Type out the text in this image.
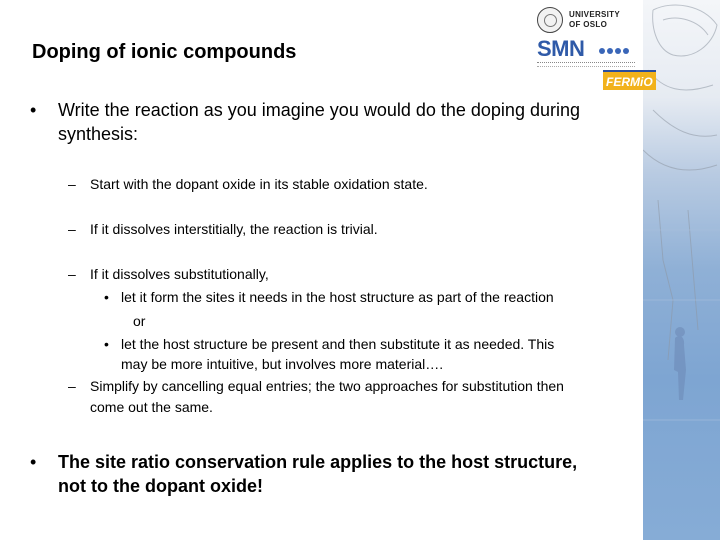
UNIVERSITY
OF OSLO
SMN
FERMiO
Doping of ionic compounds
• Write the reaction as you imagine you would do the doping during
synthesis:
– Start with the dopant oxide in its stable oxidation state.
– If it dissolves interstitially, the reaction is trivial.
– If it dissolves substitutionally,
• let it form the sites it needs in the host structure as part of the reaction
or
• let the host structure be present and then substitute it as needed. This
may be more intuitive, but involves more material….
– Simplify by cancelling equal entries; the two approaches for substitution then
come out the same.
• The site ratio conservation rule applies to the host structure,
not to the dopant oxide!
